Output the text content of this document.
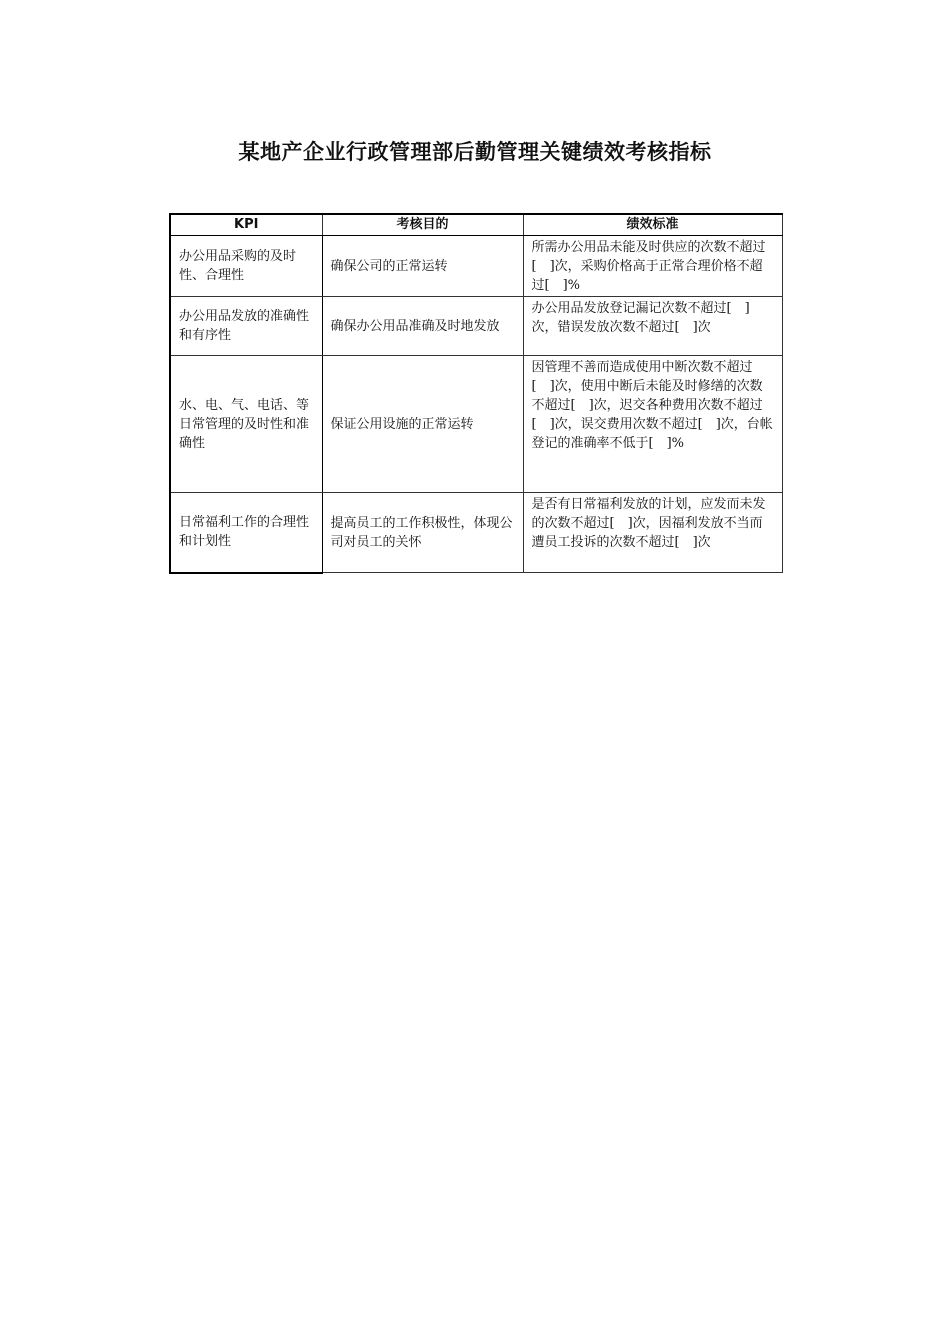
某地产企业行政管理部后勤管理关键绩效考核指标
KPI	考核目的	绩效标准
办公用品采购的及时性、合理性	确保公司的正常运转	所需办公用品未能及时供应的次数不超过[　]次，采购价格高于正常合理价格不超过[　]%
办公用品发放的准确性和有序性	确保办公用品准确及时地发放	办公用品发放登记漏记次数不超过[　]次，错误发放次数不超过[　]次
水、电、气、电话、等日常管理的及时性和准确性	保证公用设施的正常运转	因管理不善而造成使用中断次数不超过[　]次，使用中断后未能及时修缮的次数不超过[　]次，迟交各种费用次数不超过[　]次，误交费用次数不超过[　]次，台帐登记的准确率不低于[　]%
日常福利工作的合理性和计划性	提高员工的工作积极性，体现公司对员工的关怀	是否有日常福利发放的计划，应发而未发的次数不超过[　]次，因福利发放不当而遭员工投诉的次数不超过[　]次
